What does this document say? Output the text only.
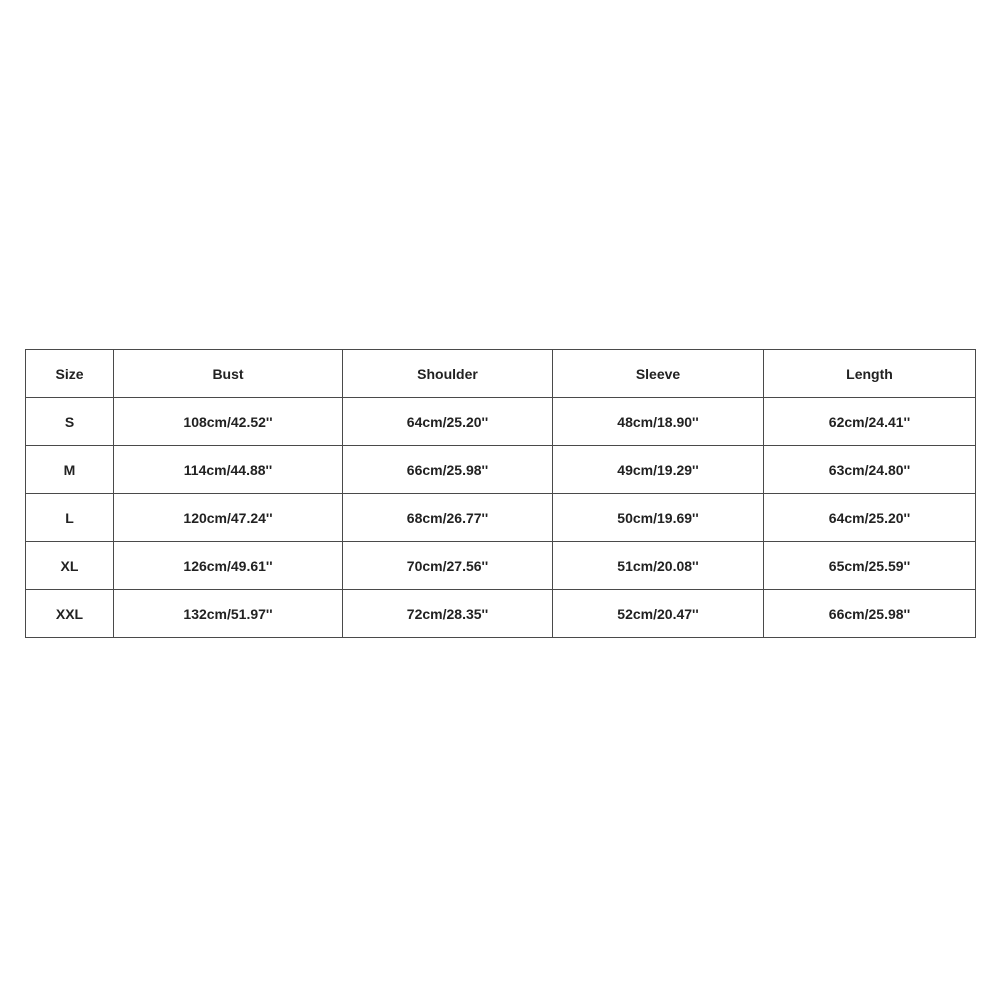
Size	Bust	Shoulder	Sleeve	Length
S	108cm/42.52''	64cm/25.20''	48cm/18.90''	62cm/24.41''
M	114cm/44.88''	66cm/25.98''	49cm/19.29''	63cm/24.80''
L	120cm/47.24''	68cm/26.77''	50cm/19.69''	64cm/25.20''
XL	126cm/49.61''	70cm/27.56''	51cm/20.08''	65cm/25.59''
XXL	132cm/51.97''	72cm/28.35''	52cm/20.47''	66cm/25.98''
